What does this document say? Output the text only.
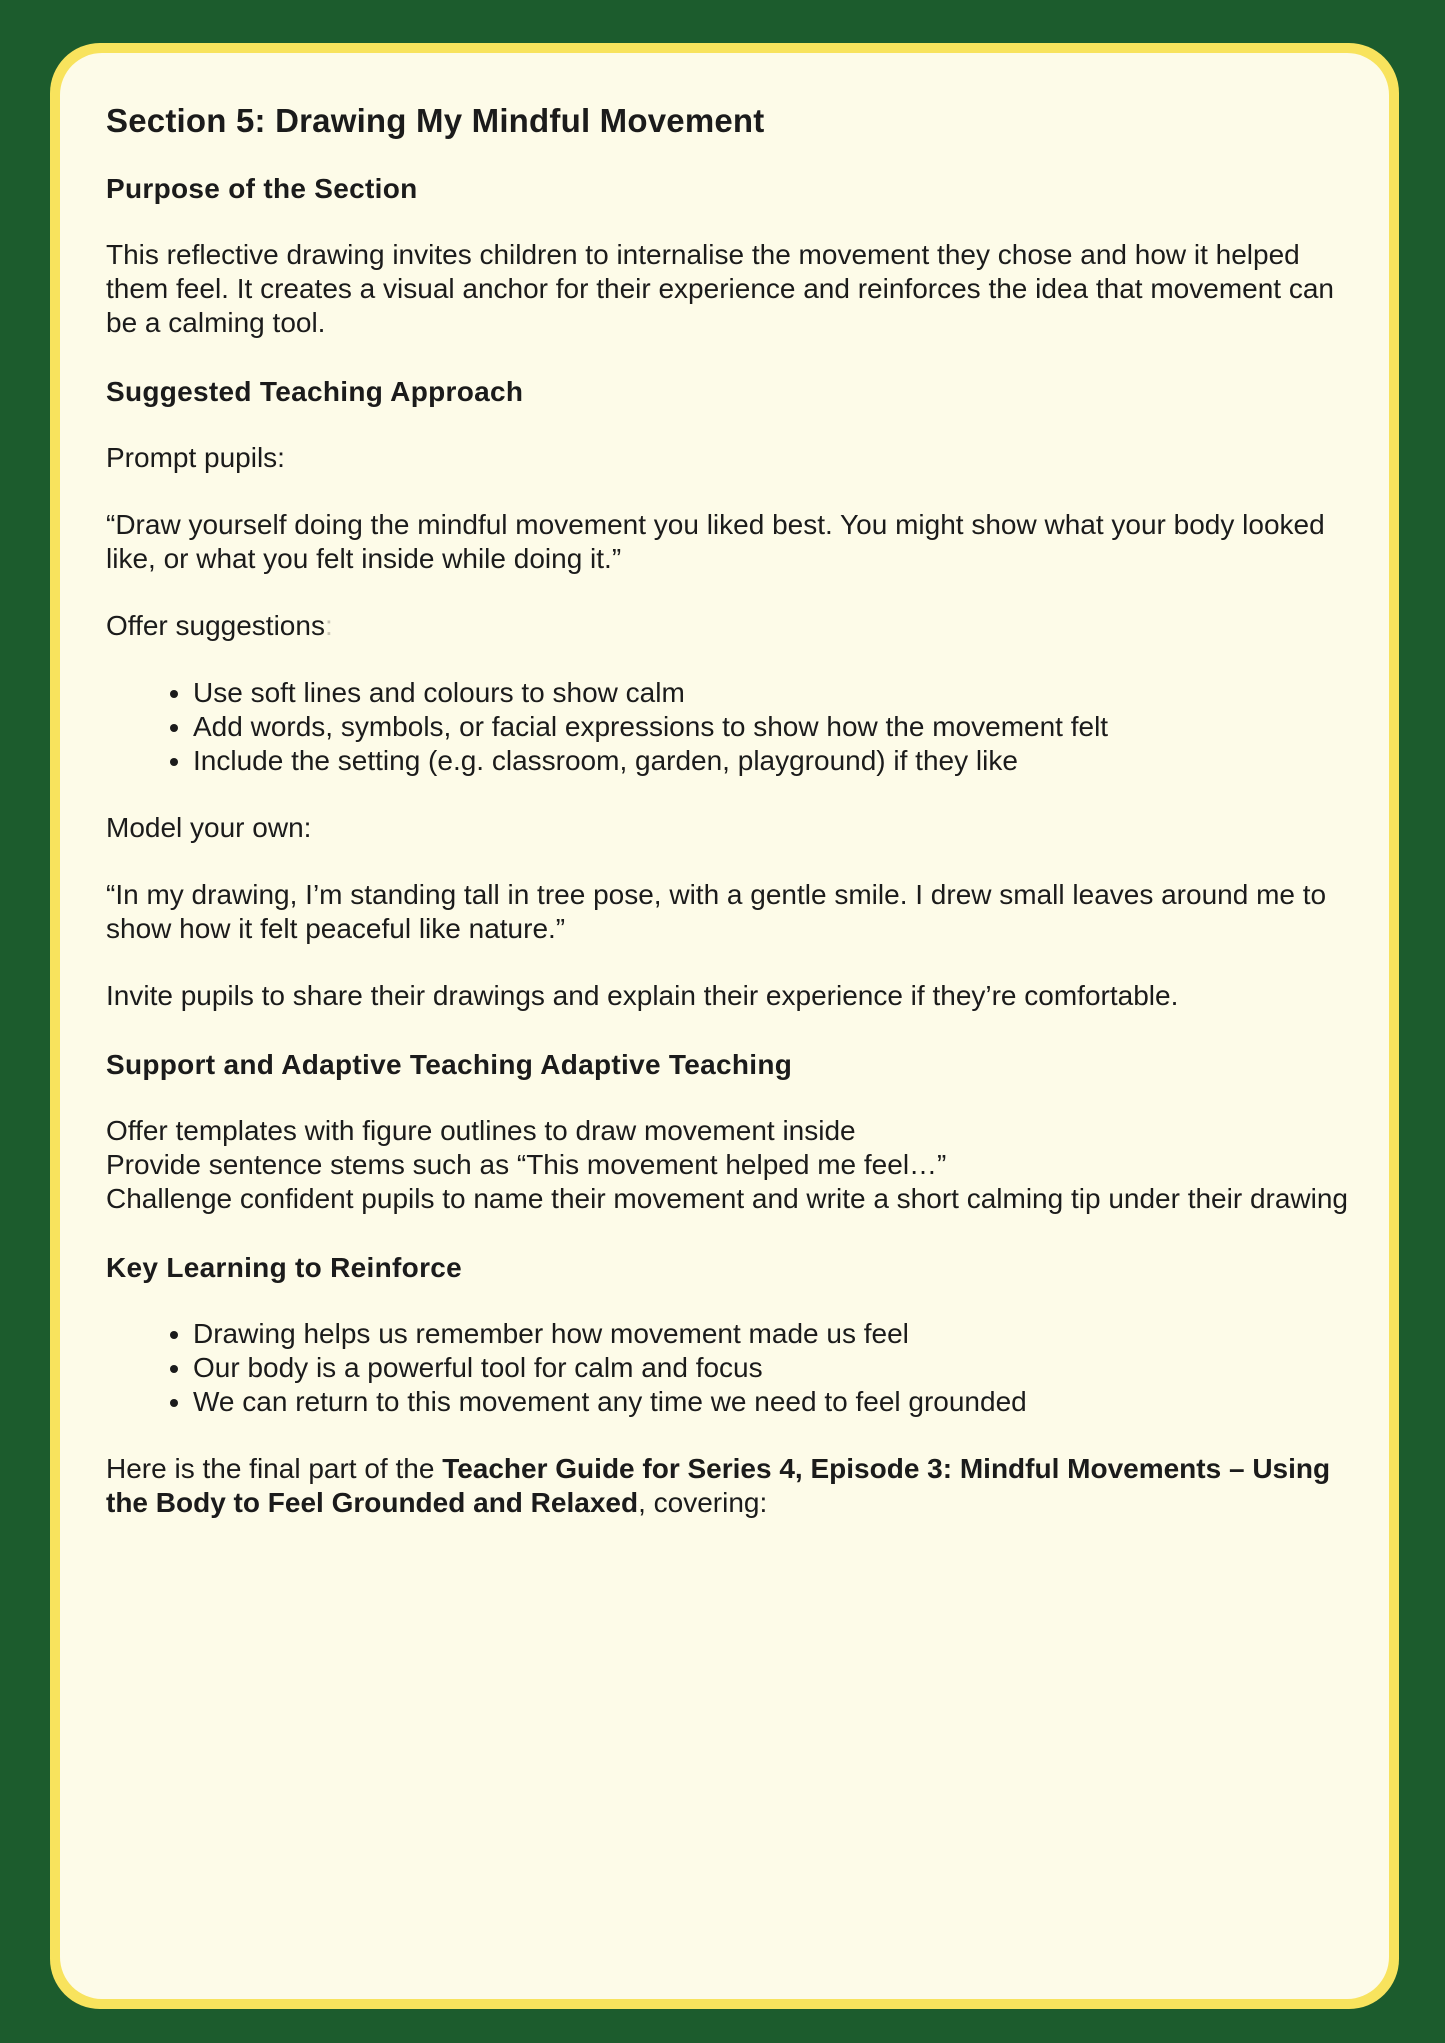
Section 5: Drawing My Mindful Movement
Purpose of the Section

This reflective drawing invites children to internalise the movement they chose and how it helped them feel. It creates a visual anchor for their experience and reinforces the idea that movement can be a calming tool.

Suggested Teaching Approach

Prompt pupils:

“Draw yourself doing the mindful movement you liked best. You might show what your body looked like, or what you felt inside while doing it.”

Offer suggestions:

• Use soft lines and colours to show calm
• Add words, symbols, or facial expressions to show how the movement felt
• Include the setting (e.g. classroom, garden, playground) if they like

Model your own:

“In my drawing, I’m standing tall in tree pose, with a gentle smile. I drew small leaves around me to show how it felt peaceful like nature.”

Invite pupils to share their drawings and explain their experience if they’re comfortable.

Support and Adaptive Teaching Adaptive Teaching

Offer templates with figure outlines to draw movement inside

Provide sentence stems such as “This movement helped me feel…”

Challenge confident pupils to name their movement and write a short calming tip under their drawing

Key Learning to Reinforce
• Drawing helps us remember how movement made us feel
• Our body is a powerful tool for calm and focus
• We can return to this movement any time we need to feel grounded

Here is the final part of the Teacher Guide for Series 4, Episode 3: Mindful Movements – Using the Body to Feel Grounded and Relaxed, covering:
